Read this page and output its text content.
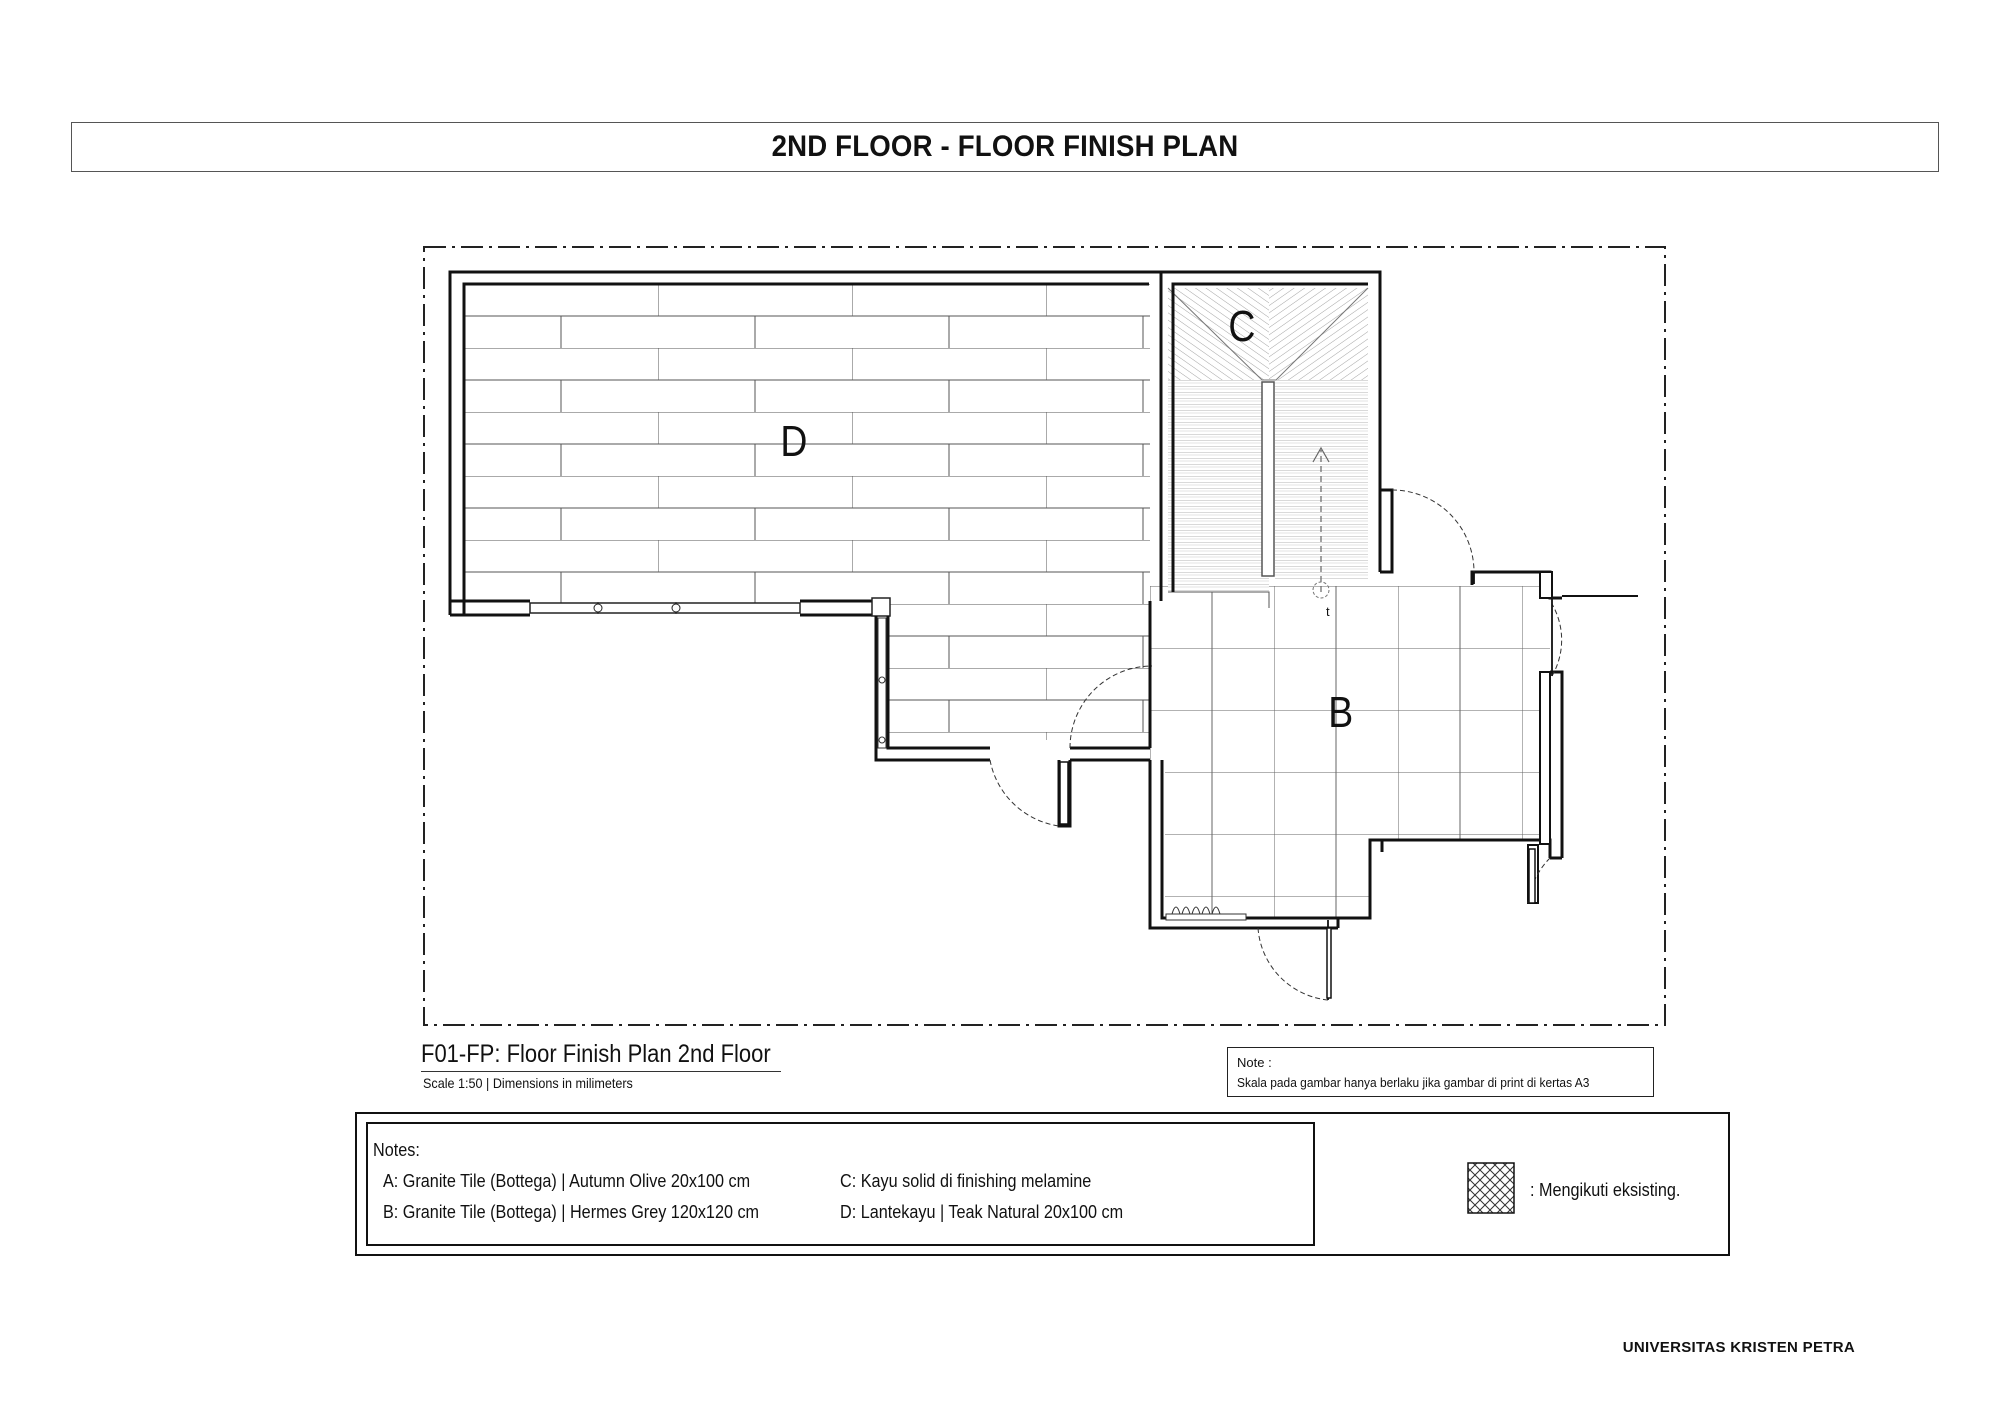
2ND FLOOR - FLOOR FINISH PLAN
C
D
B
t
F01-FP: Floor Finish Plan 2nd Floor
Scale 1:50 | Dimensions in milimeters
Note :
Skala pada gambar hanya berlaku jika gambar di print di kertas A3
Notes:
A: Granite Tile (Bottega) | Autumn Olive 20x100 cm
B: Granite Tile (Bottega) | Hermes Grey 120x120 cm
C: Kayu solid di finishing melamine
D: Lantekayu | Teak Natural 20x100 cm
: Mengikuti eksisting.
UNIVERSITAS KRISTEN PETRA
